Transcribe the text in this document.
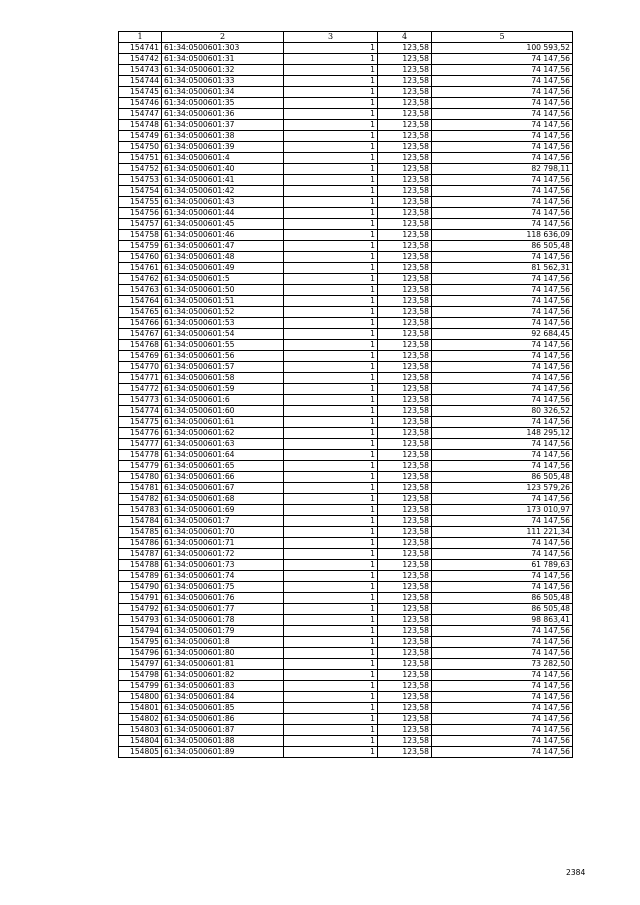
1	2	3	4	5
154741	61:34:0500601:303	1	123,58	100 593,52
154742	61:34:0500601:31	1	123,58	74 147,56
154743	61:34:0500601:32	1	123,58	74 147,56
154744	61:34:0500601:33	1	123,58	74 147,56
154745	61:34:0500601:34	1	123,58	74 147,56
154746	61:34:0500601:35	1	123,58	74 147,56
154747	61:34:0500601:36	1	123,58	74 147,56
154748	61:34:0500601:37	1	123,58	74 147,56
154749	61:34:0500601:38	1	123,58	74 147,56
154750	61:34:0500601:39	1	123,58	74 147,56
154751	61:34:0500601:4	1	123,58	74 147,56
154752	61:34:0500601:40	1	123,58	82 798,11
154753	61:34:0500601:41	1	123,58	74 147,56
154754	61:34:0500601:42	1	123,58	74 147,56
154755	61:34:0500601:43	1	123,58	74 147,56
154756	61:34:0500601:44	1	123,58	74 147,56
154757	61:34:0500601:45	1	123,58	74 147,56
154758	61:34:0500601:46	1	123,58	118 636,09
154759	61:34:0500601:47	1	123,58	86 505,48
154760	61:34:0500601:48	1	123,58	74 147,56
154761	61:34:0500601:49	1	123,58	81 562,31
154762	61:34:0500601:5	1	123,58	74 147,56
154763	61:34:0500601:50	1	123,58	74 147,56
154764	61:34:0500601:51	1	123,58	74 147,56
154765	61:34:0500601:52	1	123,58	74 147,56
154766	61:34:0500601:53	1	123,58	74 147,56
154767	61:34:0500601:54	1	123,58	92 684,45
154768	61:34:0500601:55	1	123,58	74 147,56
154769	61:34:0500601:56	1	123,58	74 147,56
154770	61:34:0500601:57	1	123,58	74 147,56
154771	61:34:0500601:58	1	123,58	74 147,56
154772	61:34:0500601:59	1	123,58	74 147,56
154773	61:34:0500601:6	1	123,58	74 147,56
154774	61:34:0500601:60	1	123,58	80 326,52
154775	61:34:0500601:61	1	123,58	74 147,56
154776	61:34:0500601:62	1	123,58	148 295,12
154777	61:34:0500601:63	1	123,58	74 147,56
154778	61:34:0500601:64	1	123,58	74 147,56
154779	61:34:0500601:65	1	123,58	74 147,56
154780	61:34:0500601:66	1	123,58	86 505,48
154781	61:34:0500601:67	1	123,58	123 579,26
154782	61:34:0500601:68	1	123,58	74 147,56
154783	61:34:0500601:69	1	123,58	173 010,97
154784	61:34:0500601:7	1	123,58	74 147,56
154785	61:34:0500601:70	1	123,58	111 221,34
154786	61:34:0500601:71	1	123,58	74 147,56
154787	61:34:0500601:72	1	123,58	74 147,56
154788	61:34:0500601:73	1	123,58	61 789,63
154789	61:34:0500601:74	1	123,58	74 147,56
154790	61:34:0500601:75	1	123,58	74 147,56
154791	61:34:0500601:76	1	123,58	86 505,48
154792	61:34:0500601:77	1	123,58	86 505,48
154793	61:34:0500601:78	1	123,58	98 863,41
154794	61:34:0500601:79	1	123,58	74 147,56
154795	61:34:0500601:8	1	123,58	74 147,56
154796	61:34:0500601:80	1	123,58	74 147,56
154797	61:34:0500601:81	1	123,58	73 282,50
154798	61:34:0500601:82	1	123,58	74 147,56
154799	61:34:0500601:83	1	123,58	74 147,56
154800	61:34:0500601:84	1	123,58	74 147,56
154801	61:34:0500601:85	1	123,58	74 147,56
154802	61:34:0500601:86	1	123,58	74 147,56
154803	61:34:0500601:87	1	123,58	74 147,56
154804	61:34:0500601:88	1	123,58	74 147,56
154805	61:34:0500601:89	1	123,58	74 147,56
2384
